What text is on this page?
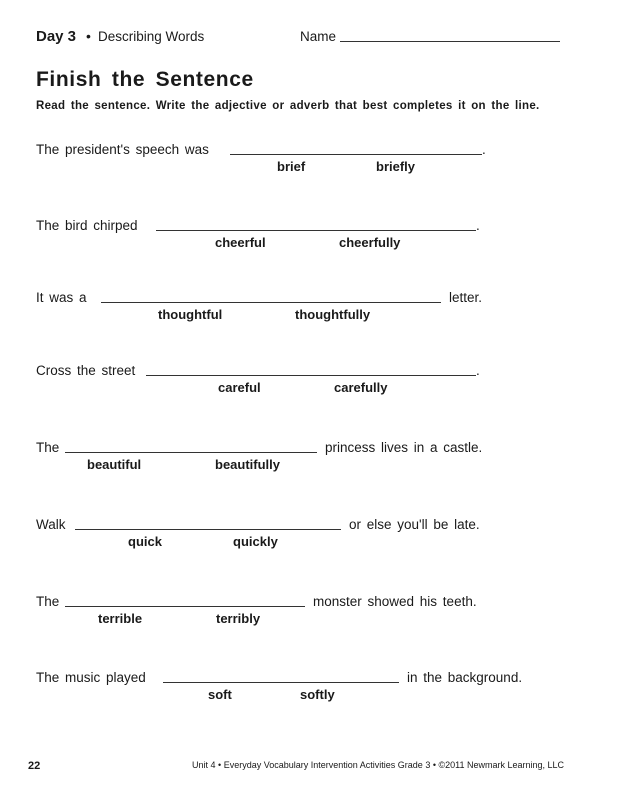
Day 3 • Describing Words	Name
Finish the Sentence
Read the sentence. Write the adjective or adverb that best completes it on the line.
The president's speech was	.
brief	briefly
The bird chirped	.
cheerful	cheerfully
It was a	letter.
thoughtful	thoughtfully
Cross the street	.
careful	carefully
The	princess lives in a castle.
beautiful	beautifully
Walk	or else you'll be late.
quick	quickly
The	monster showed his teeth.
terrible	terribly
The music played	in the background.
soft	softly
22	Unit 4 • Everyday Vocabulary Intervention Activities Grade 3 • ©2011 Newmark Learning, LLC
